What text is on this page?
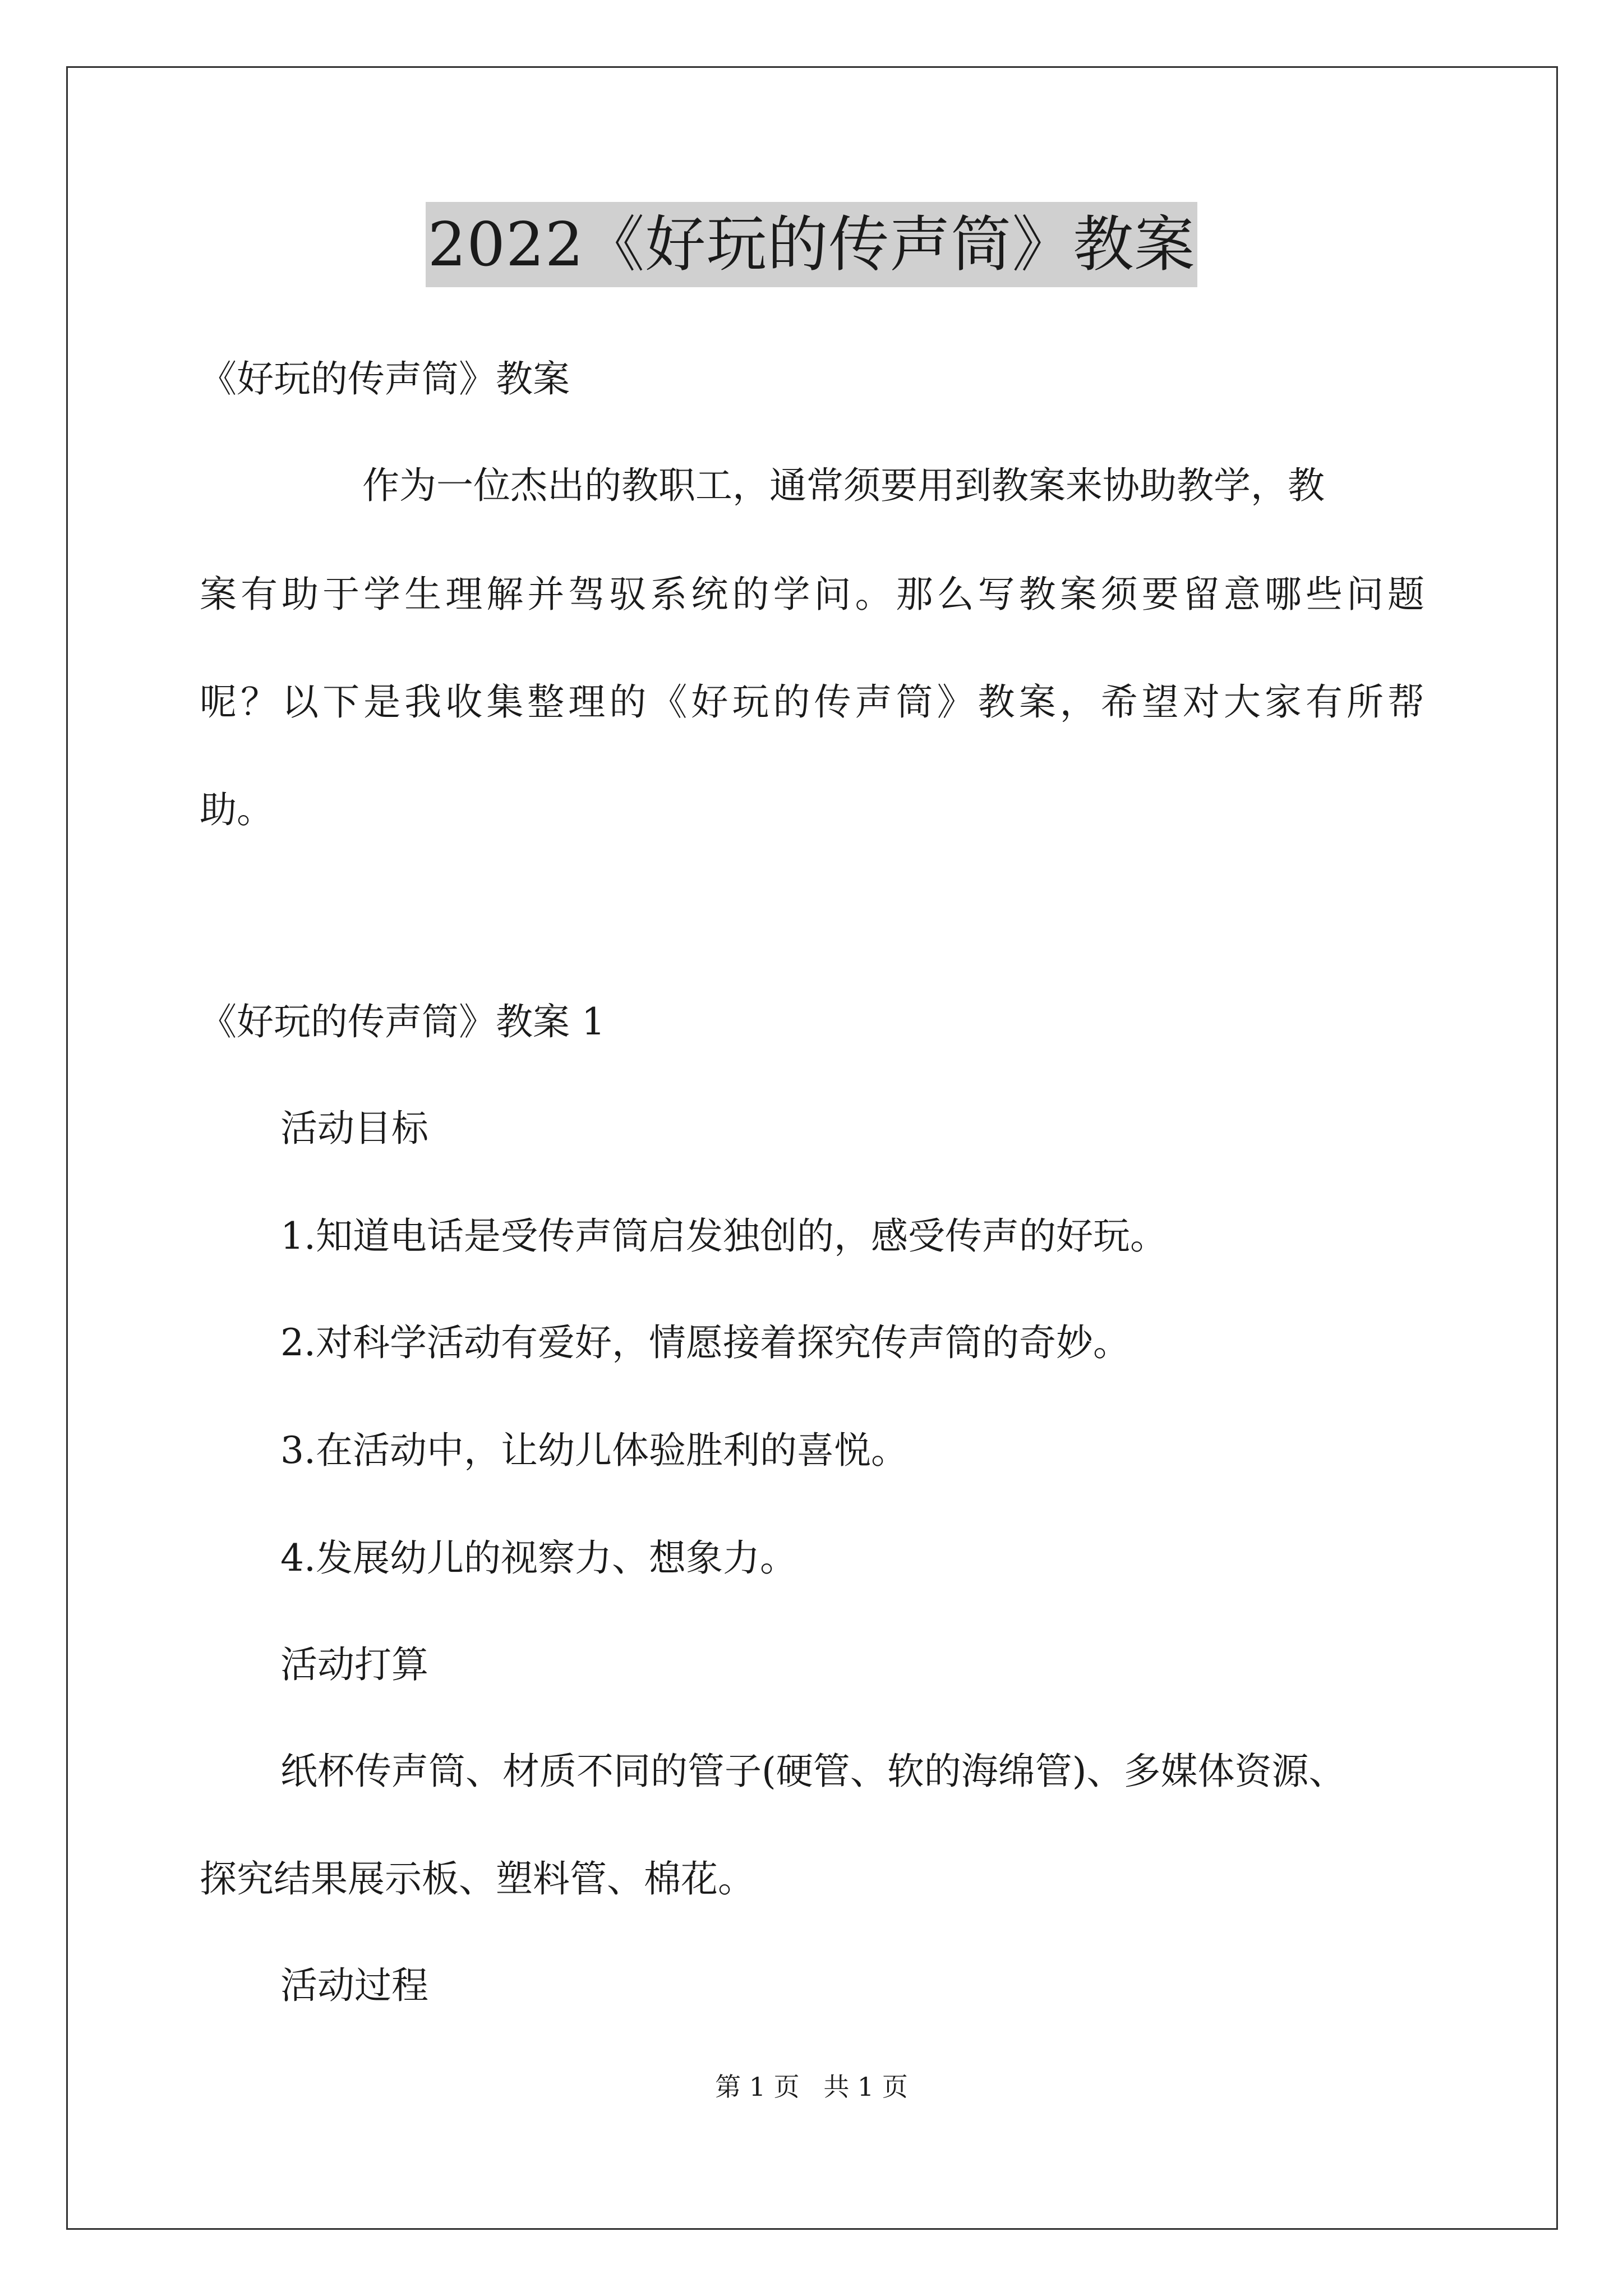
2022《好玩的传声筒》教案
《好玩的传声筒》教案
作为一位杰出的教职工，通常须要用到教案来协助教学，教
案有助于学生理解并驾驭系统的学问。那么写教案须要留意哪些问题
呢？以下是我收集整理的《好玩的传声筒》教案，希望对大家有所帮
助。
《好玩的传声筒》教案 1
活动目标
1.知道电话是受传声筒启发独创的，感受传声的好玩。
2.对科学活动有爱好，情愿接着探究传声筒的奇妙。
3.在活动中，让幼儿体验胜利的喜悦。
4.发展幼儿的视察力、想象力。
活动打算
纸杯传声筒、材质不同的管子(硬管、软的海绵管)、多媒体资源、
探究结果展示板、塑料管、棉花。
活动过程
第 1 页 共 1 页
